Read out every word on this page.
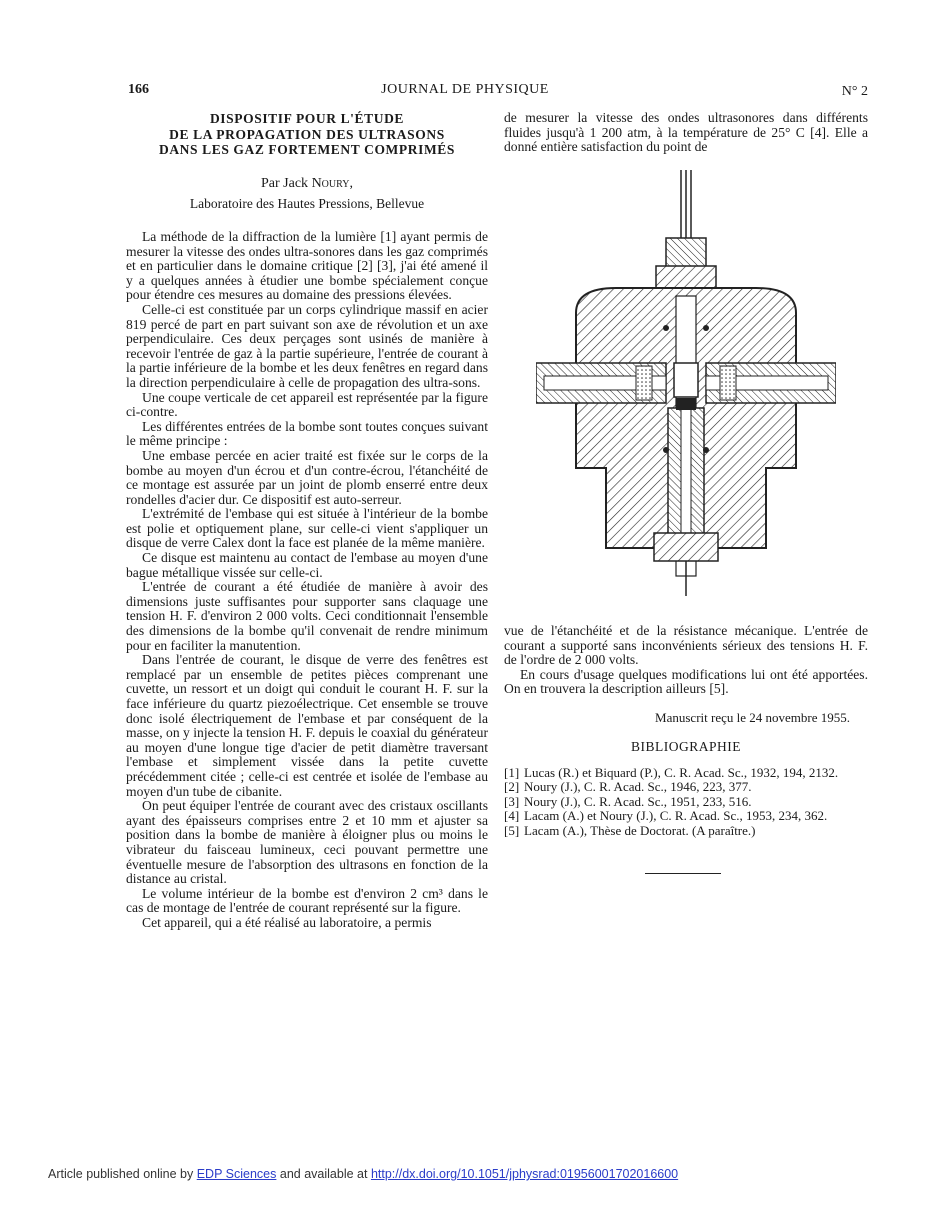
166	JOURNAL DE PHYSIQUE	N° 2
DISPOSITIF POUR L'ÉTUDE
DE LA PROPAGATION DES ULTRASONS
DANS LES GAZ FORTEMENT COMPRIMÉS
Par Jack Noury,
Laboratoire des Hautes Pressions, Bellevue

La méthode de la diffraction de la lumière [1] ayant permis de mesurer la vitesse des ondes ultra-sonores dans les gaz comprimés et en particulier dans le domaine critique [2] [3], j'ai été amené il y a quelques années à étudier une bombe spécialement conçue pour étendre ces mesures au domaine des pressions élevées.

Celle-ci est constituée par un corps cylindrique massif en acier 819 percé de part en part suivant son axe de révolution et un axe perpendiculaire. Ces deux perçages sont usinés de manière à recevoir l'entrée de gaz à la partie supérieure, l'entrée de courant à la partie inférieure de la bombe et les deux fenêtres en regard dans la direction perpendiculaire à celle de propagation des ultra-sons.

Une coupe verticale de cet appareil est représentée par la figure ci-contre.

Les différentes entrées de la bombe sont toutes conçues suivant le même principe :

Une embase percée en acier traité est fixée sur le corps de la bombe au moyen d'un écrou et d'un contre-écrou, l'étanchéité de ce montage est assurée par un joint de plomb enserré entre deux rondelles d'acier dur. Ce dispositif est auto-serreur.

L'extrémité de l'embase qui est située à l'intérieur de la bombe est polie et optiquement plane, sur celle-ci vient s'appliquer un disque de verre Calex dont la face est planée de la même manière.

Ce disque est maintenu au contact de l'embase au moyen d'une bague métallique vissée sur celle-ci.

L'entrée de courant a été étudiée de manière à avoir des dimensions juste suffisantes pour supporter sans claquage une tension H. F. d'environ 2 000 volts. Ceci conditionnait l'ensemble des dimensions de la bombe qu'il convenait de rendre minimum pour en faciliter la manutention.

Dans l'entrée de courant, le disque de verre des fenêtres est remplacé par un ensemble de petites pièces comprenant une cuvette, un ressort et un doigt qui conduit le courant H. F. sur la face inférieure du quartz piezoélectrique. Cet ensemble se trouve donc isolé électriquement de l'embase et par conséquent de la masse, on y injecte la tension H. F. depuis le coaxial du générateur au moyen d'une longue tige d'acier de petit diamètre traversant l'embase et simplement vissée dans la petite cuvette précédemment citée ; celle-ci est centrée et isolée de l'embase au moyen d'un tube de cibanite.

On peut équiper l'entrée de courant avec des cristaux oscillants ayant des épaisseurs comprises entre 2 et 10 mm et ajuster sa position dans la bombe de manière à éloigner plus ou moins le vibrateur du faisceau lumineux, ceci pouvant permettre une éventuelle mesure de l'absorption des ultrasons en fonction de la distance au cristal.

Le volume intérieur de la bombe est d'environ 2 cm³ dans le cas de montage de l'entrée de courant représenté sur la figure.

Cet appareil, qui a été réalisé au laboratoire, a permis

de mesurer la vitesse des ondes ultrasonores dans différents fluides jusqu'à 1 200 atm, à la température de 25° C [4]. Elle a donné entière satisfaction du point de

vue de l'étanchéité et de la résistance mécanique. L'entrée de courant a supporté sans inconvénients sérieux des tensions H. F. de l'ordre de 2 000 volts.

En cours d'usage quelques modifications lui ont été apportées. On en trouvera la description ailleurs [5].

Manuscrit reçu le 24 novembre 1955.
BIBLIOGRAPHIE
[1] Lucas (R.) et Biquard (P.), C. R. Acad. Sc., 1932, 194, 2132.
[2] Noury (J.), C. R. Acad. Sc., 1946, 223, 377.
[3] Noury (J.), C. R. Acad. Sc., 1951, 233, 516.
[4] Lacam (A.) et Noury (J.), C. R. Acad. Sc., 1953, 234, 362.
[5] Lacam (A.), Thèse de Doctorat. (A paraître.)
Article published online by EDP Sciences and available at http://dx.doi.org/10.1051/jphysrad:01956001702016600
